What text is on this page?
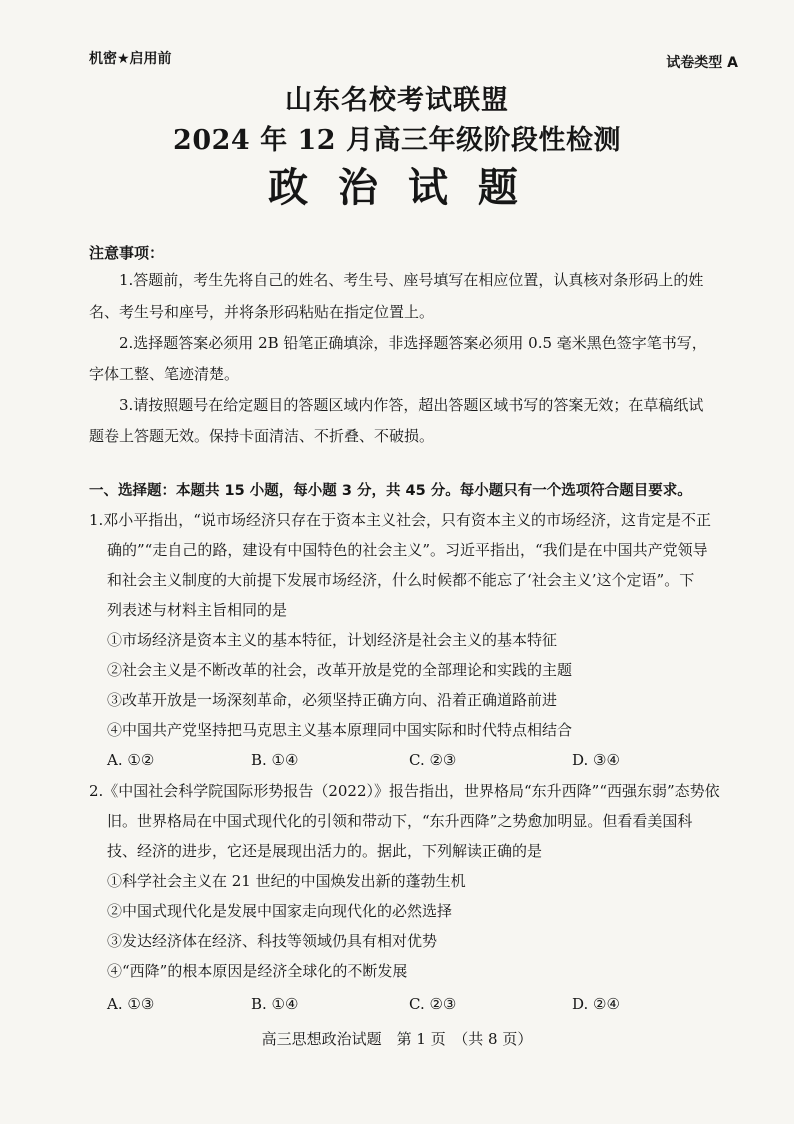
机密★启用前	试卷类型 A
山东名校考试联盟
2024 年 12 月高三年级阶段性检测
政 治 试 题
注意事项：
1.答题前，考生先将自己的姓名、考生号、座号填写在相应位置，认真核对条形码上的姓
名、考生号和座号，并将条形码粘贴在指定位置上。
2.选择题答案必须用 2B 铅笔正确填涂，非选择题答案必须用 0.5 毫米黑色签字笔书写，
字体工整、笔迹清楚。
3.请按照题号在给定题目的答题区域内作答，超出答题区域书写的答案无效；在草稿纸试
题卷上答题无效。保持卡面清洁、不折叠、不破损。
一、选择题：本题共 15 小题，每小题 3 分，共 45 分。每小题只有一个选项符合题目要求。
1.邓小平指出，“说市场经济只存在于资本主义社会，只有资本主义的市场经济，这肯定是不正
确的”“走自己的路，建设有中国特色的社会主义”。习近平指出，“我们是在中国共产党领导
和社会主义制度的大前提下发展市场经济，什么时候都不能忘了‘社会主义’这个定语”。下
列表述与材料主旨相同的是
①市场经济是资本主义的基本特征，计划经济是社会主义的基本特征
②社会主义是不断改革的社会，改革开放是党的全部理论和实践的主题
③改革开放是一场深刻革命，必须坚持正确方向、沿着正确道路前进
④中国共产党坚持把马克思主义基本原理同中国实际和时代特点相结合
A. ①②	B. ①④	C. ②③	D. ③④
2.《中国社会科学院国际形势报告（2022）》报告指出，世界格局“东升西降”“西强东弱”态势依
旧。世界格局在中国式现代化的引领和带动下，“东升西降”之势愈加明显。但看看美国科
技、经济的进步，它还是展现出活力的。据此，下列解读正确的是
①科学社会主义在 21 世纪的中国焕发出新的蓬勃生机
②中国式现代化是发展中国家走向现代化的必然选择
③发达经济体在经济、科技等领域仍具有相对优势
④“西降”的根本原因是经济全球化的不断发展
A. ①③	B. ①④	C. ②③	D. ②④
高三思想政治试题　第 1 页　（共 8 页）
